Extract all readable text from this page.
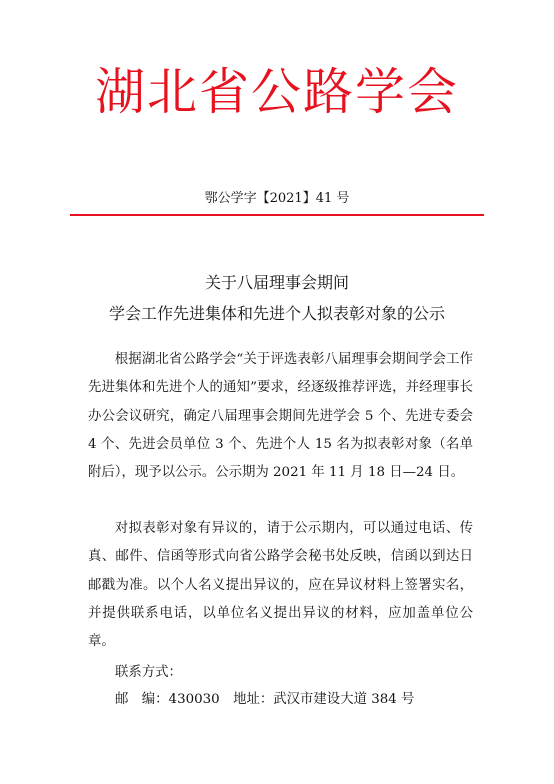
湖北省公路学会
鄂公学字【2021】41 号
关于八届理事会期间
学会工作先进集体和先进个人拟表彰对象的公示

根据湖北省公路学会“关于评选表彰八届理事会期间学会工作先进集体和先进个人的通知”要求，经逐级推荐评选，并经理事长办公会议研究，确定八届理事会期间先进学会 5 个、先进专委会 4 个、先进会员单位 3 个、先进个人 15 名为拟表彰对象（名单附后），现予以公示。公示期为 2021 年 11 月 18 日—24 日。

对拟表彰对象有异议的，请于公示期内，可以通过电话、传真、邮件、信函等形式向省公路学会秘书处反映，信函以到达日邮戳为准。以个人名义提出异议的，应在异议材料上签署实名，并提供联系电话，以单位名义提出异议的材料，应加盖单位公章。

联系方式：
邮　编：430030　地址：武汉市建设大道 384 号
